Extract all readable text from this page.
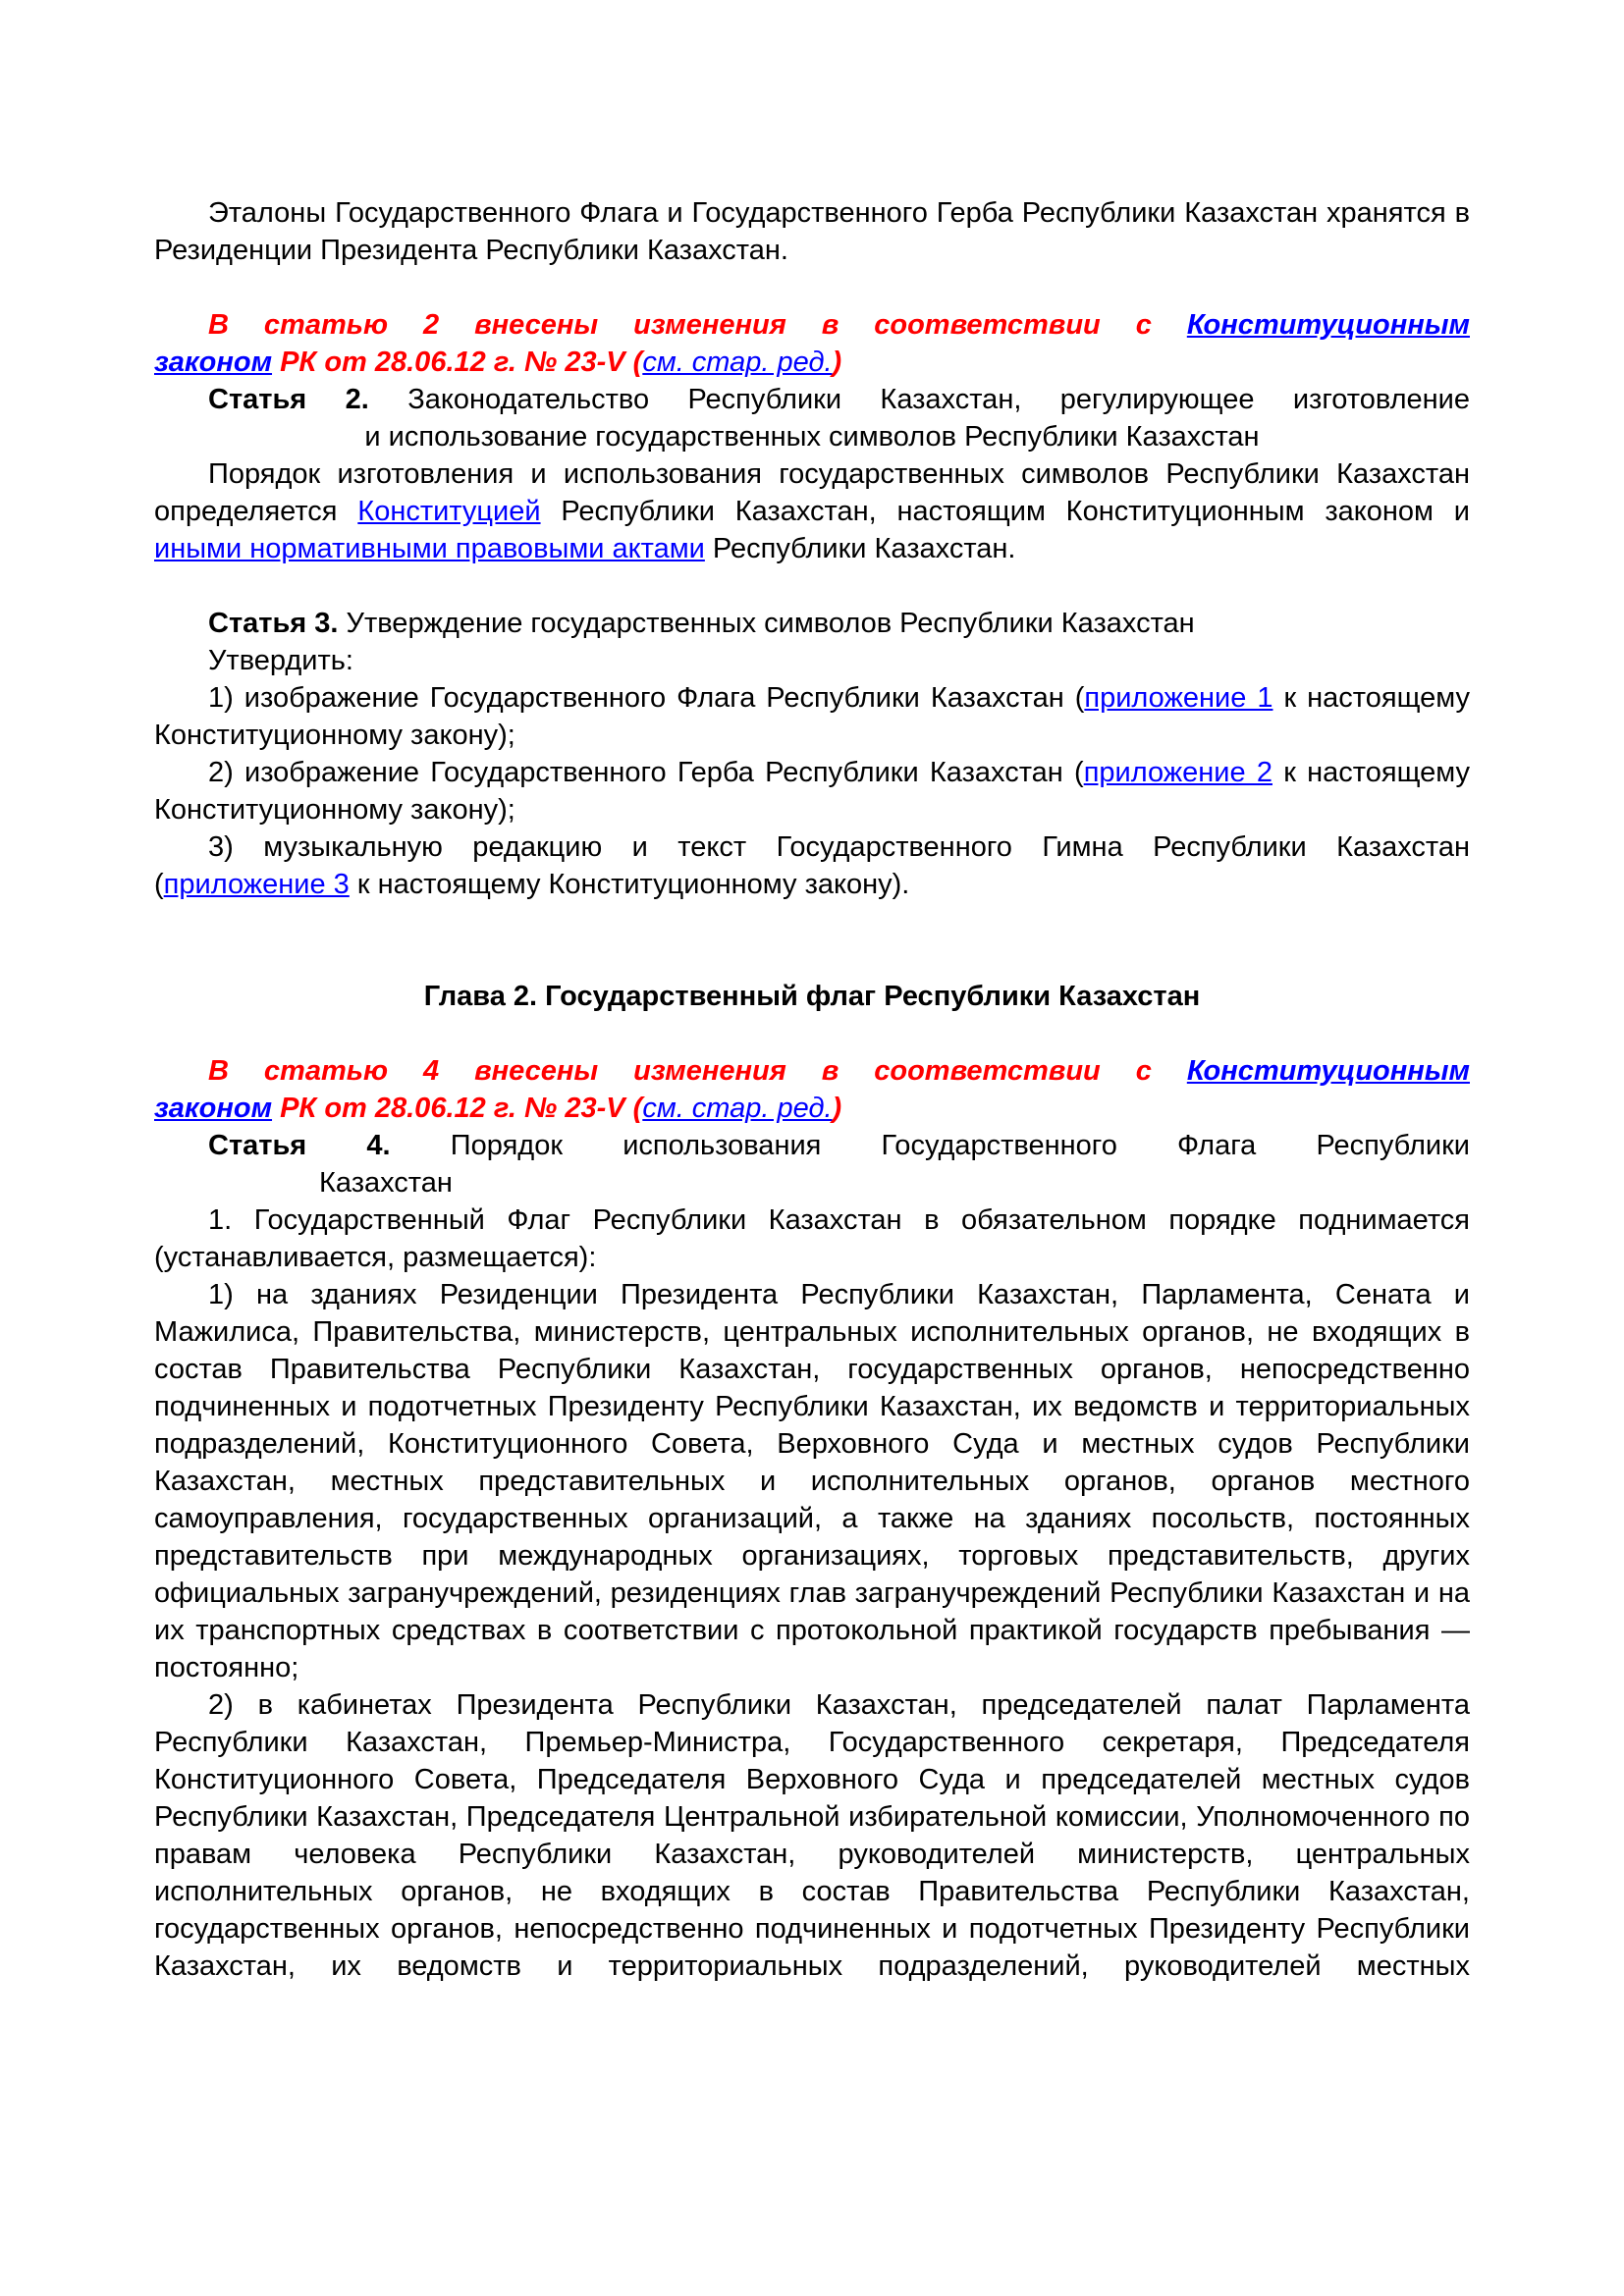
Эталоны Государственного Флага и Государственного Герба Республики Казахстан хранятся в Резиденции Президента Республики Казахстан.

В статью 2 внесены изменения в соответствии с Конституционным
законом РК от 28.06.12 г. № 23-V (см. стар. ред.)
Статья 2. Законодательство Республики Казахстан, регулирующее изготовление
и использование государственных символов Республики Казахстан

Порядок изготовления и использования государственных символов Республики Казахстан определяется Конституцией Республики Казахстан, настоящим Конституционным законом и иными нормативными правовыми актами Республики Казахстан.

Статья 3. Утверждение государственных символов Республики Казахстан
Утвердить:

1) изображение Государственного Флага Республики Казахстан (приложение 1 к настоящему Конституционному закону);

2) изображение Государственного Герба Республики Казахстан (приложение 2 к настоящему Конституционному закону);

3) музыкальную редакцию и текст Государственного Гимна Республики Казахстан (приложение 3 к настоящему Конституционному закону).

Глава 2. Государственный флаг Республики Казахстан
В статью 4 внесены изменения в соответствии с Конституционным
законом РК от 28.06.12 г. № 23-V (см. стар. ред.)
Статья 4. Порядок использования Государственного Флага Республики
Казахстан

1. Государственный Флаг Республики Казахстан в обязательном порядке поднимается (устанавливается, размещается):

1) на зданиях Резиденции Президента Республики Казахстан, Парламента, Сената и Мажилиса, Правительства, министерств, центральных исполнительных органов, не входящих в состав Правительства Республики Казахстан, государственных органов, непосредственно подчиненных и подотчетных Президенту Республики Казахстан, их ведомств и территориальных подразделений, Конституционного Совета, Верховного Суда и местных судов Республики Казахстан, местных представительных и исполнительных органов, органов местного самоуправления, государственных организаций, а также на зданиях посольств, постоянных представительств при международных организациях, торговых представительств, других официальных загранучреждений, резиденциях глав загранучреждений Республики Казахстан и на их транспортных средствах в соответствии с протокольной практикой государств пребывания — постоянно;

2) в кабинетах Президента Республики Казахстан, председателей палат Парламента Республики Казахстан, Премьер-Министра, Государственного секретаря, Председателя Конституционного Совета, Председателя Верховного Суда и председателей местных судов Республики Казахстан, Председателя Центральной избирательной комиссии, Уполномоченного по правам человека Республики Казахстан, руководителей министерств, центральных исполнительных органов, не входящих в состав Правительства Республики Казахстан, государственных органов, непосредственно подчиненных и подотчетных Президенту Республики Казахстан, их ведомств и территориальных подразделений, руководителей местных
